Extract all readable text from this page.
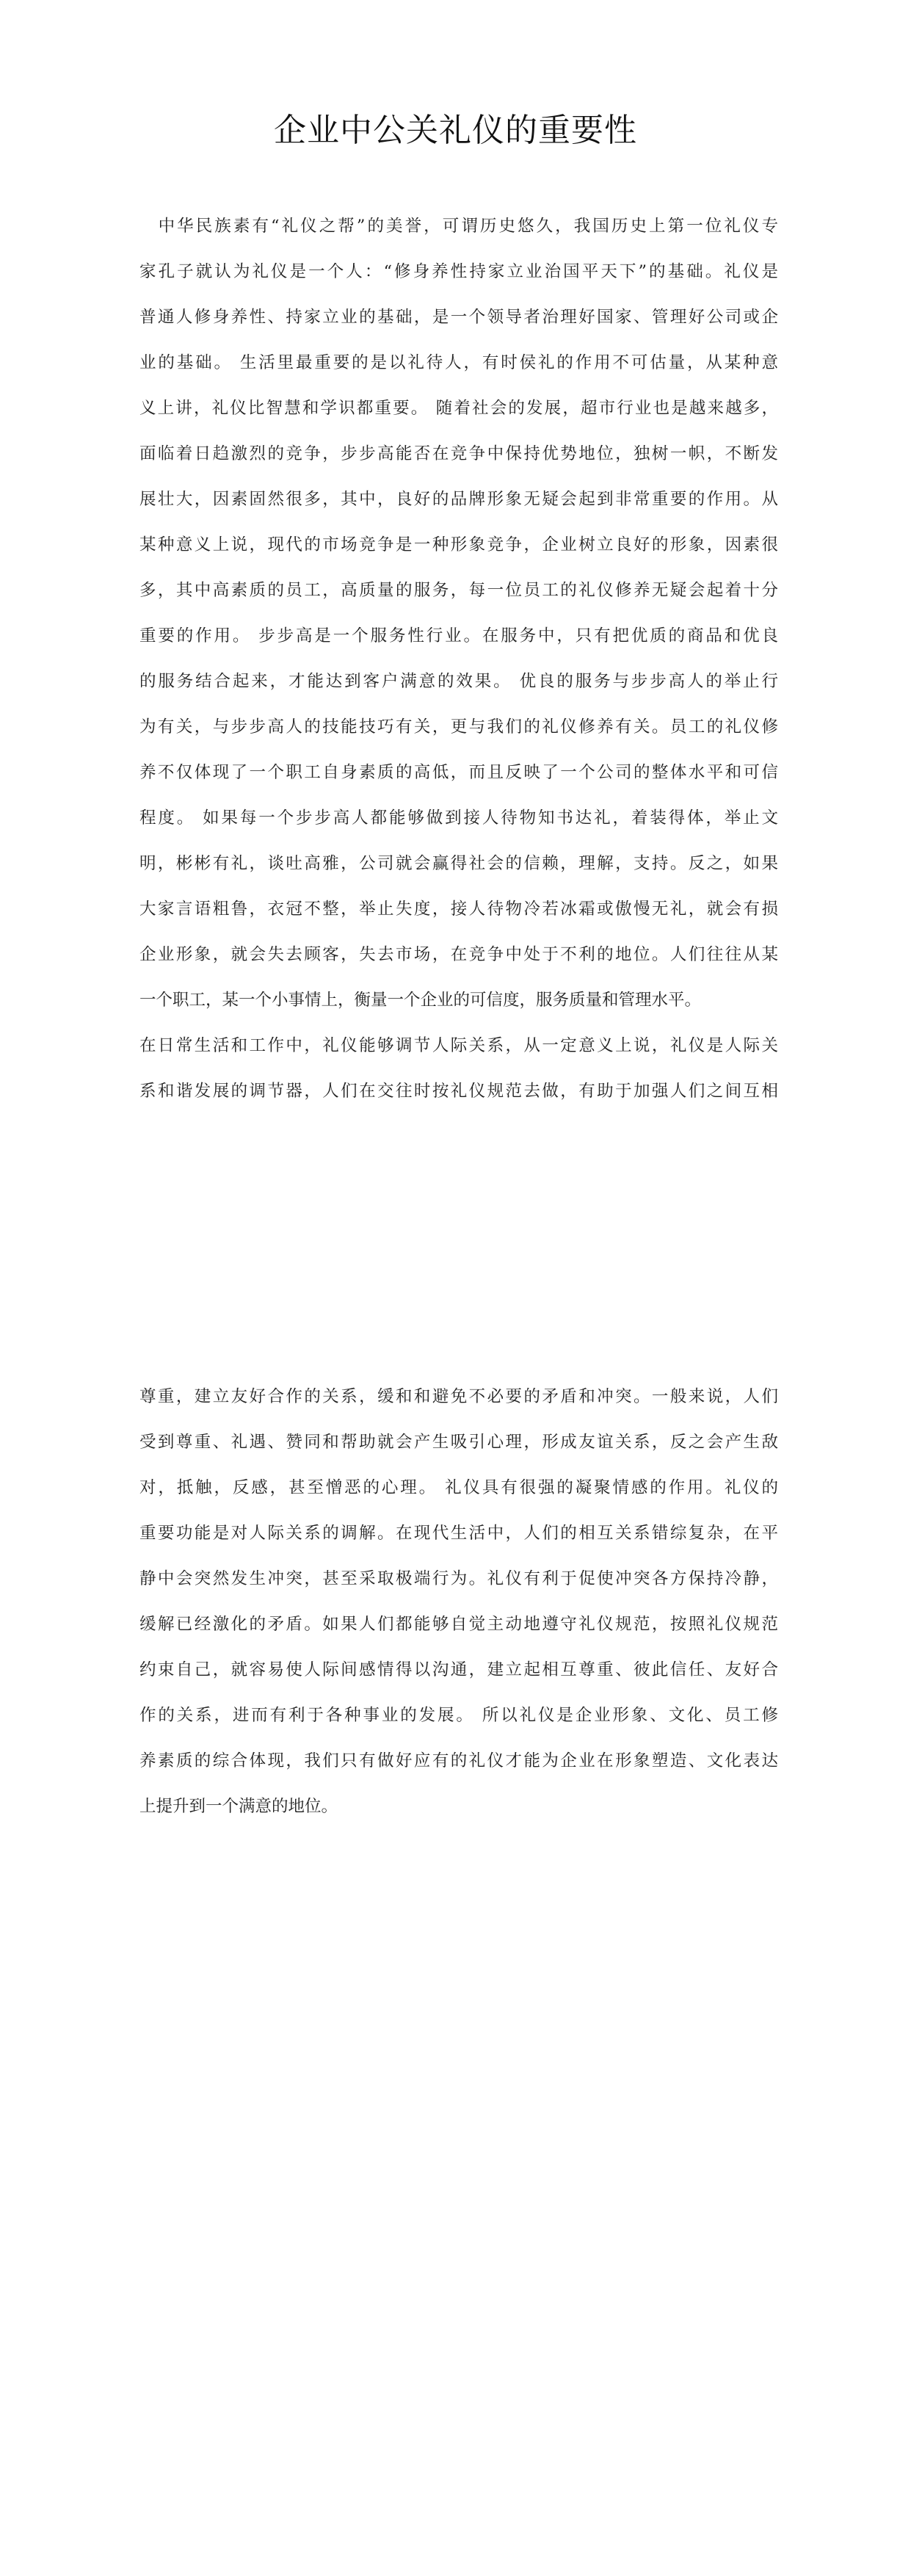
企业中公关礼仪的重要性
　中华民族素有“礼仪之帮”的美誉，可谓历史悠久，我国历史上第一位礼仪专
家孔子就认为礼仪是一个人：“修身养性持家立业治国平天下”的基础。礼仪是
普通人修身养性、持家立业的基础，是一个领导者治理好国家、管理好公司或企
业的基础。 生活里最重要的是以礼待人，有时侯礼的作用不可估量，从某种意
义上讲，礼仪比智慧和学识都重要。 随着社会的发展，超市行业也是越来越多，
面临着日趋激烈的竞争，步步高能否在竞争中保持优势地位，独树一帜，不断发
展壮大，因素固然很多，其中，良好的品牌形象无疑会起到非常重要的作用。从
某种意义上说，现代的市场竞争是一种形象竞争，企业树立良好的形象，因素很
多，其中高素质的员工，高质量的服务，每一位员工的礼仪修养无疑会起着十分
重要的作用。 步步高是一个服务性行业。在服务中，只有把优质的商品和优良
的服务结合起来，才能达到客户满意的效果。 优良的服务与步步高人的举止行
为有关，与步步高人的技能技巧有关，更与我们的礼仪修养有关。员工的礼仪修
养不仅体现了一个职工自身素质的高低，而且反映了一个公司的整体水平和可信
程度。 如果每一个步步高人都能够做到接人待物知书达礼，着装得体，举止文
明，彬彬有礼，谈吐高雅，公司就会赢得社会的信赖，理解，支持。反之，如果
大家言语粗鲁，衣冠不整，举止失度，接人待物冷若冰霜或傲慢无礼，就会有损
企业形象，就会失去顾客，失去市场，在竞争中处于不利的地位。人们往往从某
一个职工，某一个小事情上，衡量一个企业的可信度，服务质量和管理水平。
在日常生活和工作中，礼仪能够调节人际关系，从一定意义上说，礼仪是人际关
系和谐发展的调节器，人们在交往时按礼仪规范去做，有助于加强人们之间互相
尊重，建立友好合作的关系，缓和和避免不必要的矛盾和冲突。一般来说，人们
受到尊重、礼遇、赞同和帮助就会产生吸引心理，形成友谊关系，反之会产生敌
对，抵触，反感，甚至憎恶的心理。 礼仪具有很强的凝聚情感的作用。礼仪的
重要功能是对人际关系的调解。在现代生活中，人们的相互关系错综复杂，在平
静中会突然发生冲突，甚至采取极端行为。礼仪有利于促使冲突各方保持冷静，
缓解已经激化的矛盾。如果人们都能够自觉主动地遵守礼仪规范，按照礼仪规范
约束自己，就容易使人际间感情得以沟通，建立起相互尊重、彼此信任、友好合
作的关系，进而有利于各种事业的发展。 所以礼仪是企业形象、文化、员工修
养素质的综合体现，我们只有做好应有的礼仪才能为企业在形象塑造、文化表达
上提升到一个满意的地位。
